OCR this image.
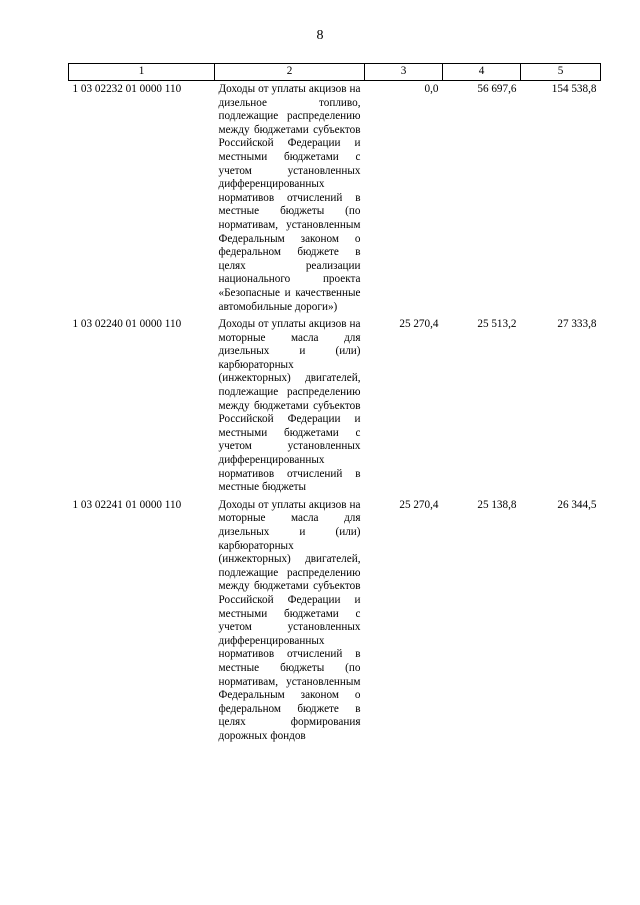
8
1	2	3	4	5
1 03 02232 01 0000 110	Доходы от уплаты акцизов на дизельное топливо, подлежащие распределению между бюджетами субъектов Российской Федерации и местными бюджетами с учетом установленных дифференцированных нормативов отчислений в местные бюджеты (по нормативам, установленным Федеральным законом о федеральном бюджете в целях реализации национального проекта «Безопасные и качественные автомобильные дороги»)	0,0	56 697,6	154 538,8
1 03 02240 01 0000 110	Доходы от уплаты акцизов на моторные масла для дизельных и (или) карбюраторных (инжекторных) двигателей, подлежащие распределению между бюджетами субъектов Российской Федерации и местными бюджетами с учетом установленных дифференцированных нормативов отчислений в местные бюджеты	25 270,4	25 513,2	27 333,8
1 03 02241 01 0000 110	Доходы от уплаты акцизов на моторные масла для дизельных и (или) карбюраторных (инжекторных) двигателей, подлежащие распределению между бюджетами субъектов Российской Федерации и местными бюджетами с учетом установленных дифференцированных нормативов отчислений в местные бюджеты (по нормативам, установленным Федеральным законом о федеральном бюджете в целях формирования дорожных фондов	25 270,4	25 138,8	26 344,5
